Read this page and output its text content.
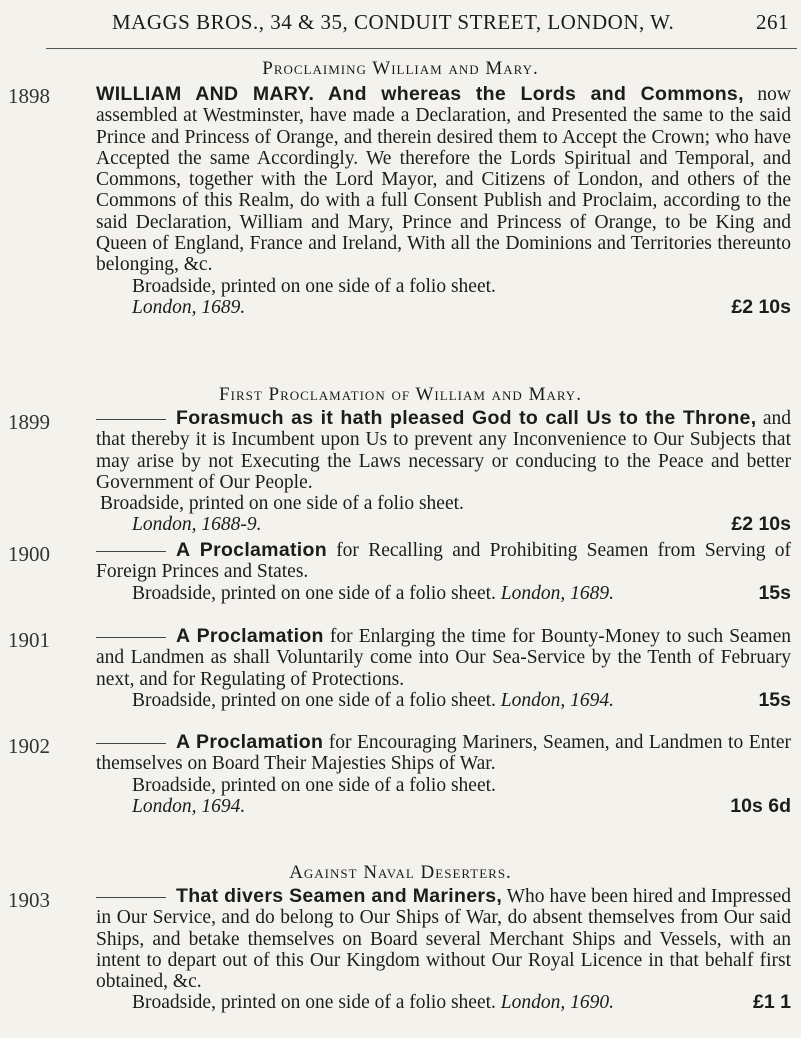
MAGGS BROS., 34 & 35, CONDUIT STREET, LONDON, W.	261
Proclaiming William and Mary.
1898 WILLIAM AND MARY. And whereas the Lords and Commons, now assembled at Westminster, have made a Declaration, and Presented the same to the said Prince and Princess of Orange, and therein desired them to Accept the Crown; who have Accepted the same Accordingly. We therefore the Lords Spiritual and Temporal, and Commons, together with the Lord Mayor, and Citizens of London, and others of the Commons of this Realm, do with a full Consent Publish and Proclaim, according to the said Declaration, William and Mary, Prince and Princess of Orange, to be King and Queen of England, France and Ireland, With all the Dominions and Territories thereunto belonging, &c.
Broadside, printed on one side of a folio sheet.
London, 1689.	£2 10s
First Proclamation of William and Mary.
1899	Forasmuch as it hath pleased God to call Us to the Throne, and that thereby it is Incumbent upon Us to prevent any Inconvenience to Our Subjects that may arise by not Executing the Laws necessary or conducing to the Peace and better Government of Our People.
Broadside, printed on one side of a folio sheet.
London, 1688-9.	£2 10s
1900	A Proclamation for Recalling and Prohibiting Seamen from Serving of Foreign Princes and States.
Broadside, printed on one side of a folio sheet. London, 1689.	15s
1901	A Proclamation for Enlarging the time for Bounty-Money to such Seamen and Landmen as shall Voluntarily come into Our Sea-Service by the Tenth of February next, and for Regulating of Protections.
Broadside, printed on one side of a folio sheet. London, 1694.	15s
1902	A Proclamation for Encouraging Mariners, Seamen, and Landmen to Enter themselves on Board Their Majesties Ships of War.
Broadside, printed on one side of a folio sheet.
London, 1694.	10s 6d
Against Naval Deserters.
1903	That divers Seamen and Mariners, Who have been hired and Impressed in Our Service, and do belong to Our Ships of War, do absent themselves from Our said Ships, and betake themselves on Board several Merchant Ships and Vessels, with an intent to depart out of this Our Kingdom without Our Royal Licence in that behalf first obtained, &c.
Broadside, printed on one side of a folio sheet. London, 1690.	£1 1
